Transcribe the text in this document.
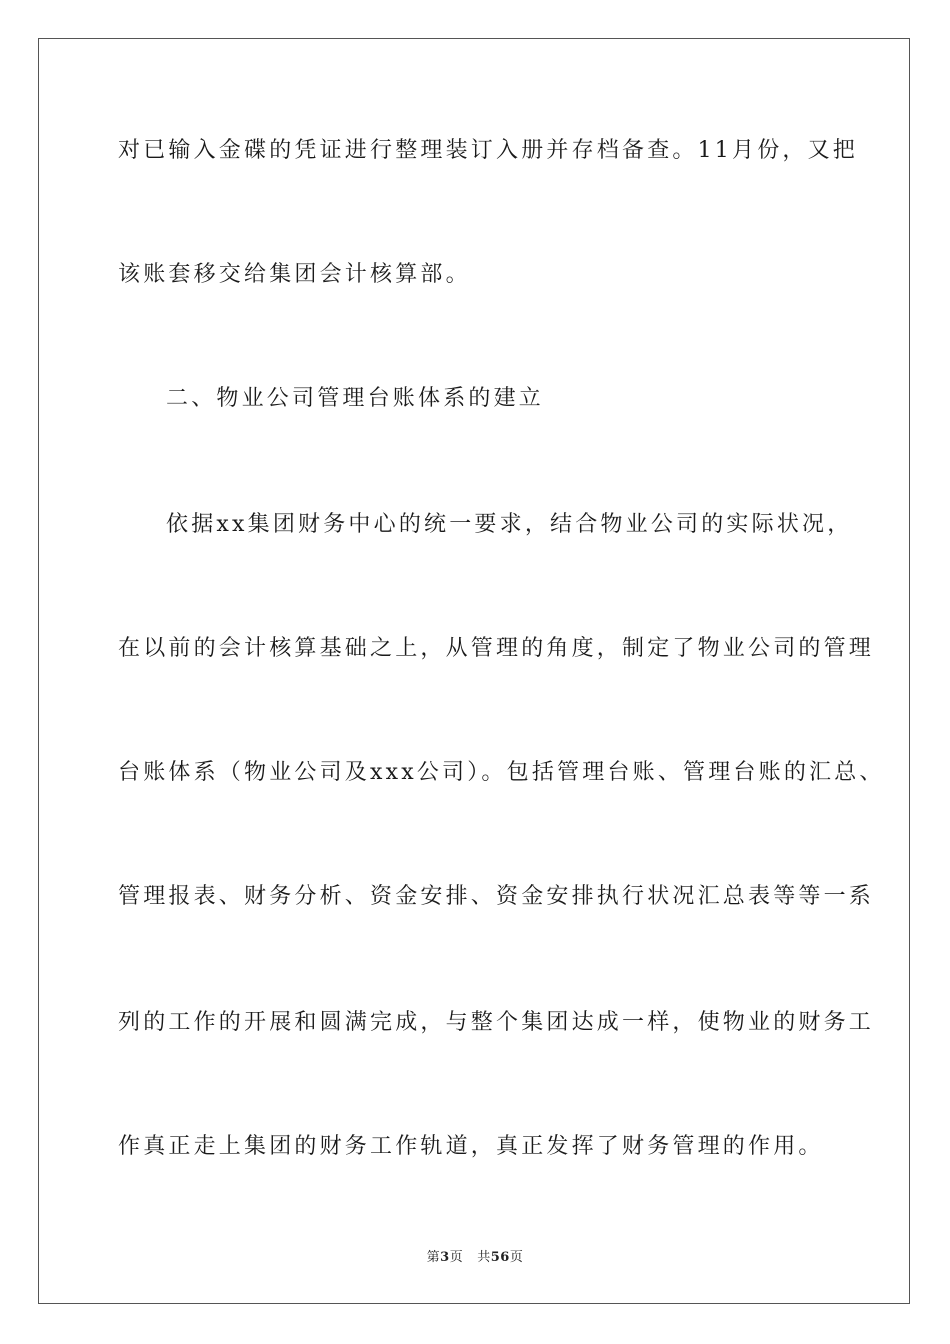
对已输入金碟的凭证进行整理装订入册并存档备查。11月份，又把
该账套移交给集团会计核算部。
二、物业公司管理台账体系的建立
依据xx集团财务中心的统一要求，结合物业公司的实际状况，
在以前的会计核算基础之上，从管理的角度，制定了物业公司的管理
台账体系（物业公司及xxx公司）。包括管理台账、管理台账的汇总、
管理报表、财务分析、资金安排、资金安排执行状况汇总表等等一系
列的工作的开展和圆满完成，与整个集团达成一样，使物业的财务工
作真正走上集团的财务工作轨道，真正发挥了财务管理的作用。
第3页 共56页
